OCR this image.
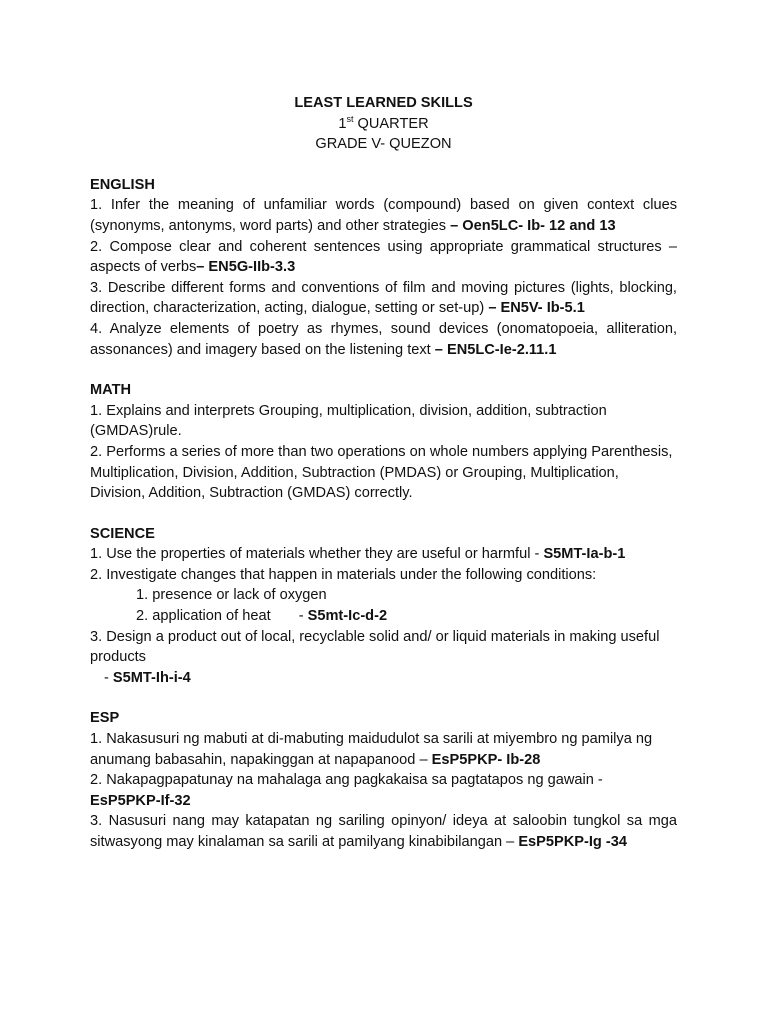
LEAST LEARNED SKILLS
1st QUARTER
GRADE V- QUEZON
ENGLISH
1. Infer the meaning of unfamiliar words (compound) based on given context clues (synonyms, antonyms, word parts) and other strategies – Oen5LC- Ib- 12 and 13
2. Compose clear and coherent sentences using appropriate grammatical structures – aspects of verbs– EN5G-IIb-3.3
3. Describe different forms and conventions of film and moving pictures (lights, blocking, direction, characterization, acting, dialogue, setting or set-up) – EN5V- Ib-5.1
4. Analyze elements of poetry as rhymes, sound devices (onomatopoeia, alliteration, assonances) and imagery based on the listening text – EN5LC-Ie-2.11.1
MATH
1. Explains and interprets Grouping, multiplication, division, addition, subtraction (GMDAS)rule.
2. Performs a series of more than two operations on whole numbers applying Parenthesis, Multiplication, Division, Addition, Subtraction (PMDAS) or Grouping, Multiplication, Division, Addition, Subtraction (GMDAS) correctly.
SCIENCE
1. Use the properties of materials whether they are useful or harmful - S5MT-Ia-b-1
2. Investigate changes that happen in materials under the following conditions:
1. presence or lack of oxygen
2. application of heat - S5mt-Ic-d-2
3. Design a product out of local, recyclable solid and/ or liquid materials in making useful products
- S5MT-Ih-i-4
ESP
1. Nakasusuri ng mabuti at di-mabuting maidudulot sa sarili at miyembro ng pamilya ng anumang babasahin, napakinggan at napapanood – EsP5PKP- Ib-28
2. Nakapagpapatunay na mahalaga ang pagkakaisa sa pagtatapos ng gawain - EsP5PKP-If-32
3. Nasusuri nang may katapatan ng sariling opinyon/ ideya at saloobin tungkol sa mga sitwasyong may kinalaman sa sarili at pamilyang kinabibilangan – EsP5PKP-Ig -34
